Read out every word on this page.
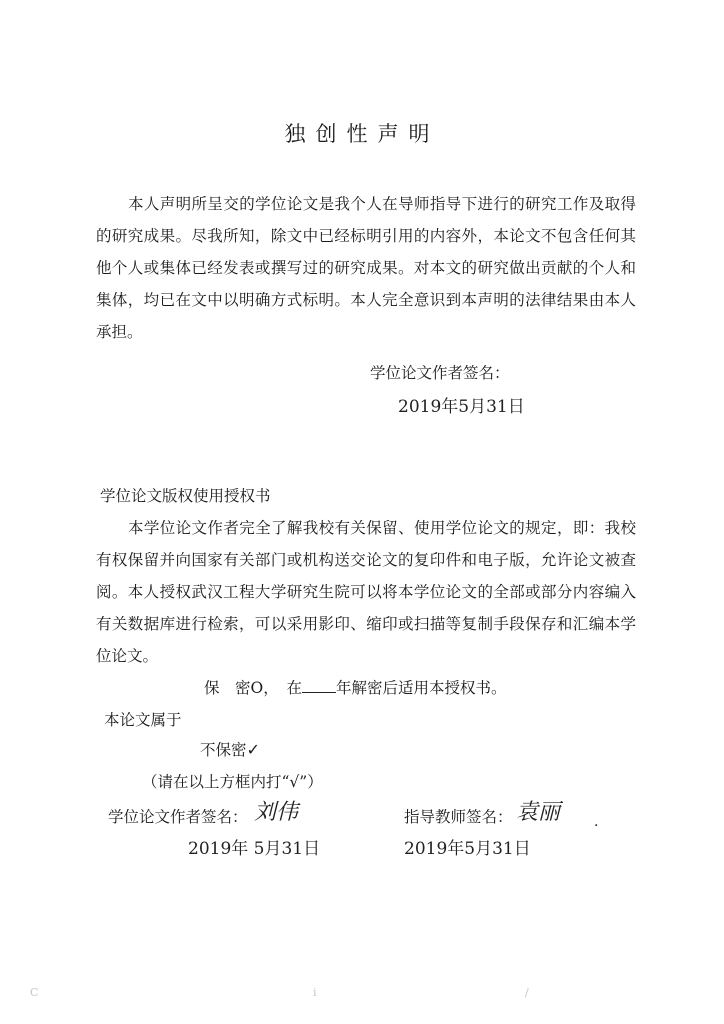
独创性声明

本人声明所呈交的学位论文是我个人在导师指导下进行的研究工作及取得的研究成果。尽我所知，除文中已经标明引用的内容外，本论文不包含任何其他个人或集体已经发表或撰写过的研究成果。对本文的研究做出贡献的个人和集体，均已在文中以明确方式标明。本人完全意识到本声明的法律结果由本人承担。

学位论文作者签名：
2019年5月31日
学位论文版权使用授权书

本学位论文作者完全了解我校有关保留、使用学位论文的规定，即：我校有权保留并向国家有关部门或机构送交论文的复印件和电子版，允许论文被查阅。本人授权武汉工程大学研究生院可以将本学位论文的全部或部分内容编入有关数据库进行检索，可以采用影印、缩印或扫描等复制手段保存和汇编本学位论文。

保　密O，　在 年解密后适用本授权书。
本论文属于
不保密✓
（请在以上方框内打“√”）
学位论文作者签名： 刘伟	指导教师签名： 袁丽
·
2019年 5月31日	2019年5月31日
C	i	/
